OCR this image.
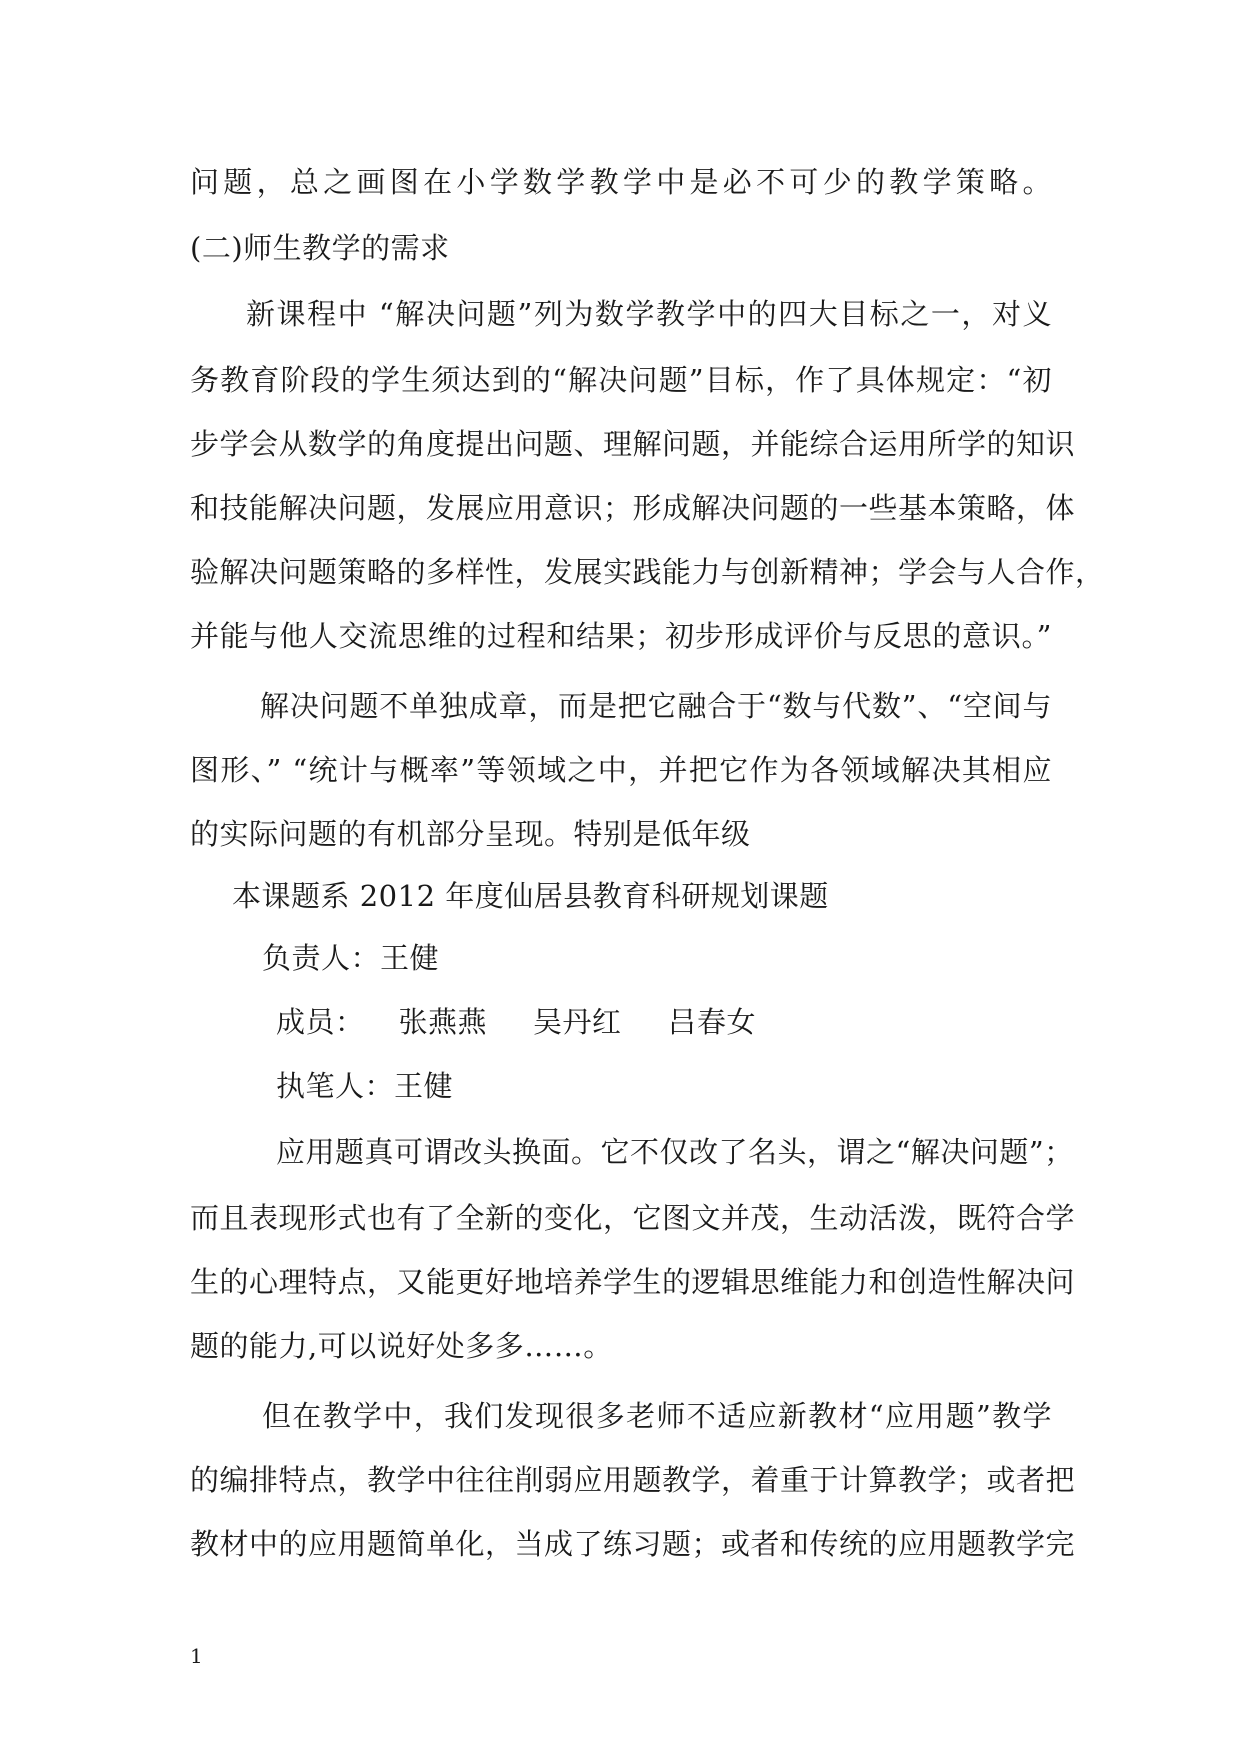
问题，总之画图在小学数学教学中是必不可少的教学策略。
(二)师生教学的需求
新课程中 “解决问题”列为数学教学中的四大目标之一，对义
务教育阶段的学生须达到的“解决问题”目标，作了具体规定：“初
步学会从数学的角度提出问题、理解问题，并能综合运用所学的知识
和技能解决问题，发展应用意识；形成解决问题的一些基本策略，体
验解决问题策略的多样性，发展实践能力与创新精神；学会与人合作，
并能与他人交流思维的过程和结果；初步形成评价与反思的意识。”
解决问题不单独成章，而是把它融合于“数与代数”、“空间与
图形、” “统计与概率”等领域之中，并把它作为各领域解决其相应
的实际问题的有机部分呈现。特别是低年级
本课题系 2012 年度仙居县教育科研规划课题
负责人：王健
成员： 张燕燕 吴丹红 吕春女
执笔人：王健
应用题真可谓改头换面。它不仅改了名头，谓之“解决问题”；
而且表现形式也有了全新的变化，它图文并茂，生动活泼，既符合学
生的心理特点，又能更好地培养学生的逻辑思维能力和创造性解决问
题的能力,可以说好处多多……。
但在教学中，我们发现很多老师不适应新教材“应用题”教学
的编排特点，教学中往往削弱应用题教学，着重于计算教学；或者把
教材中的应用题简单化，当成了练习题；或者和传统的应用题教学完
1
